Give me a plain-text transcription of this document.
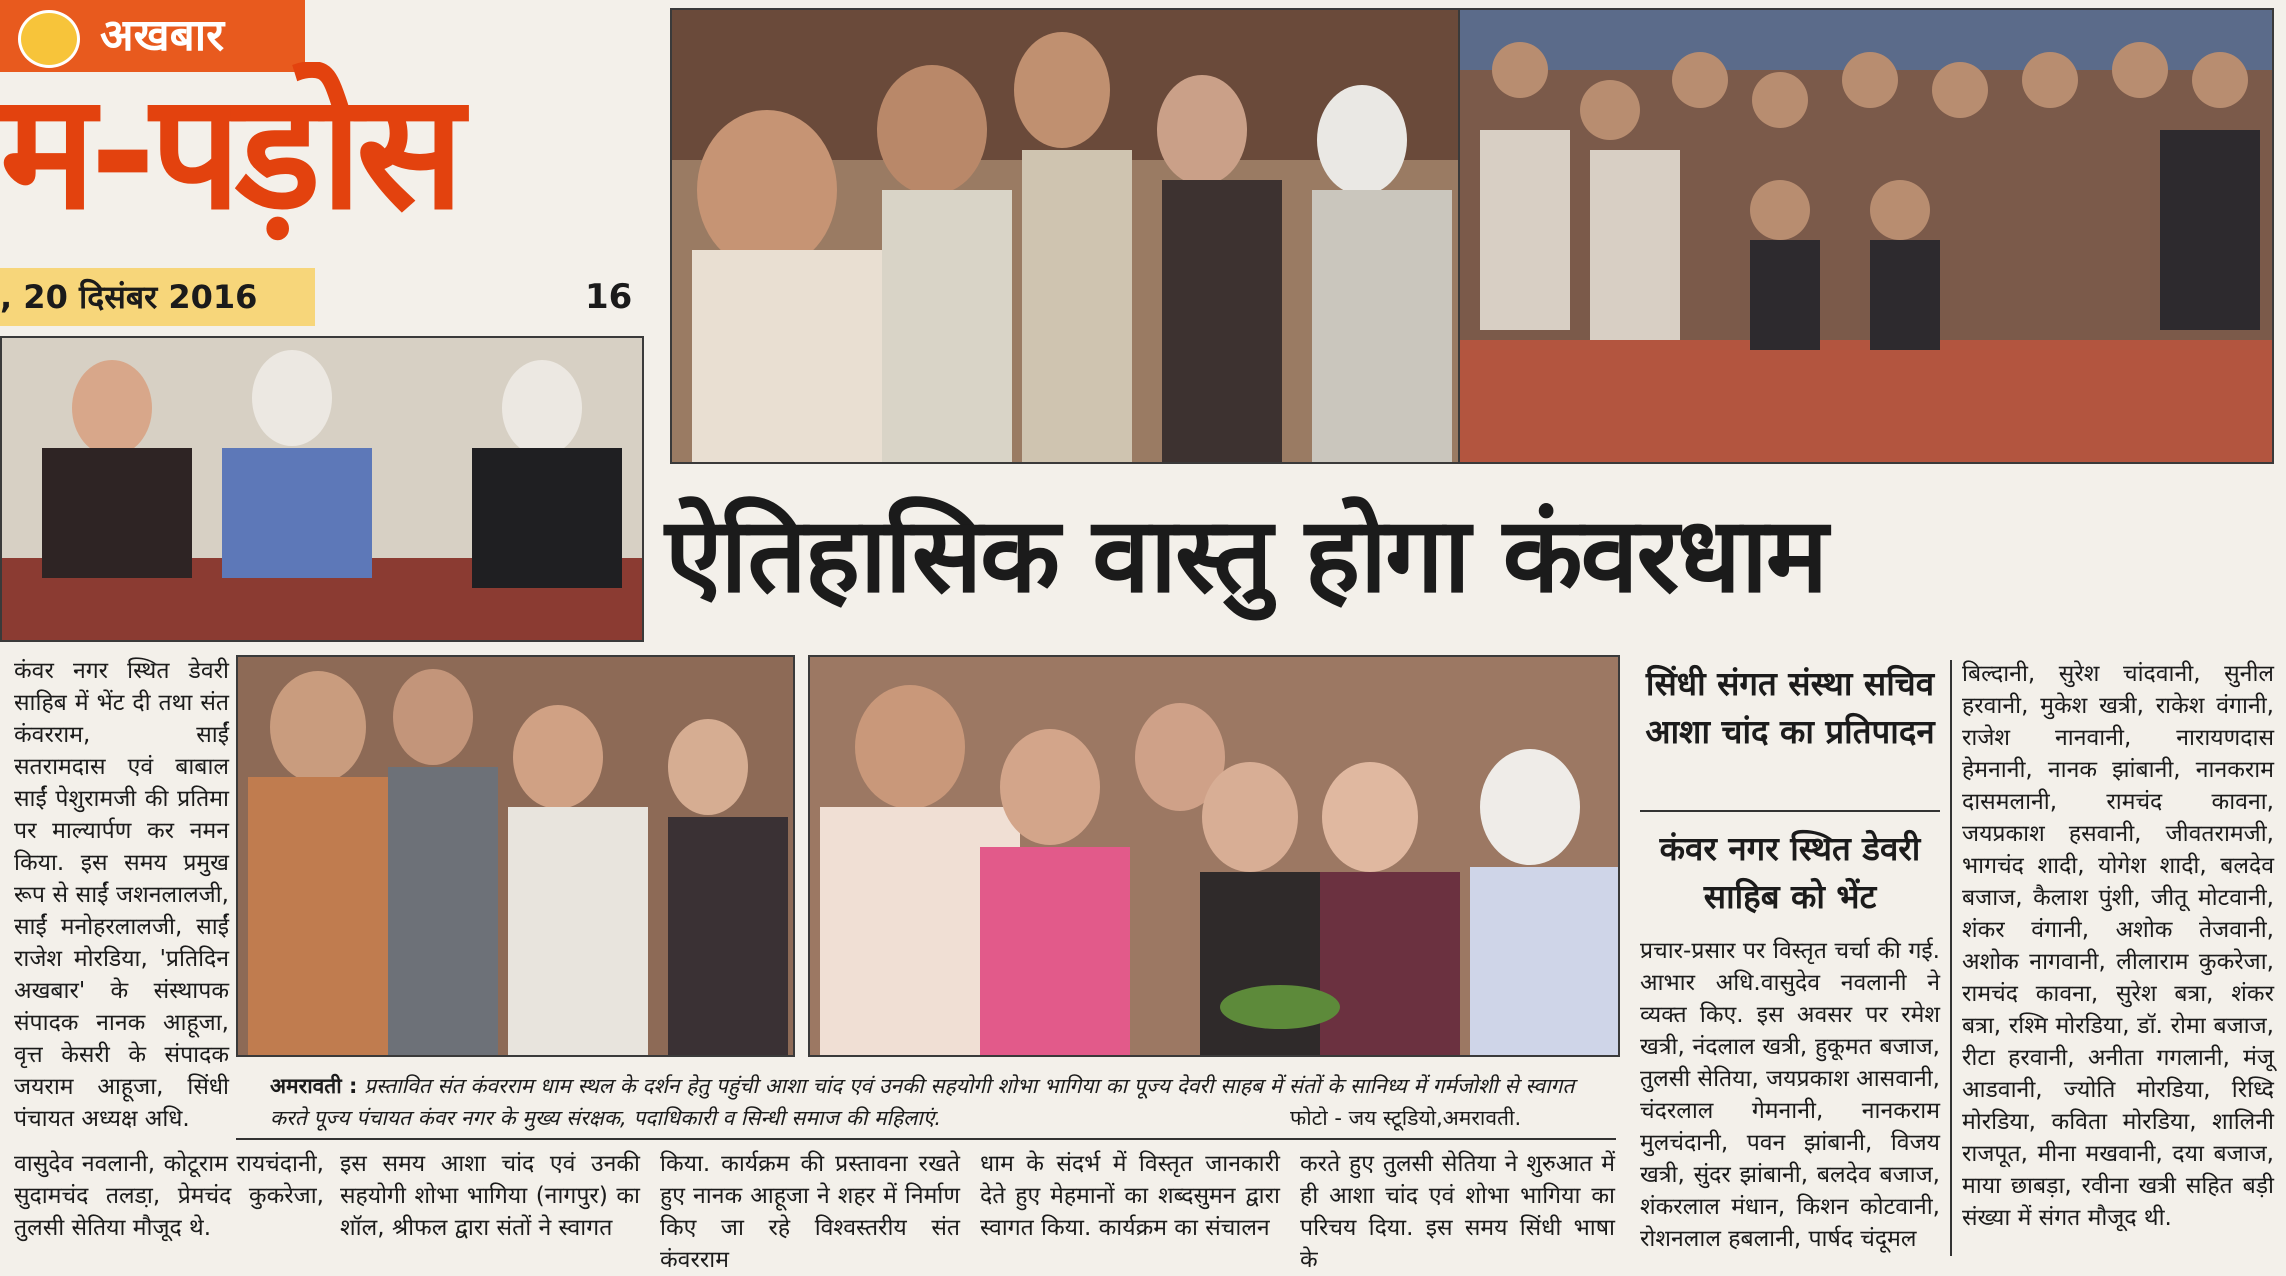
अखबार
म-पड़ोस
, 20 दिसंबर 2016	16
ऐतिहासिक वास्तु होगा कंवरधाम
कंवर नगर स्थित डेवरी साहिब में भेंट दी तथा संत कंवरराम, साईं सतरामदास एवं बाबाल साईं पेशुरामजी की प्रतिमा पर माल्यार्पण कर नमन किया. इस समय प्रमुख रूप से साईं जशनलालजी, साईं मनोहरलालजी, साईं राजेश मोरडिया, 'प्रतिदिन अखबार' के संस्थापक संपादक नानक आहूजा, वृत्त केसरी के संपादक जयराम आहूजा, सिंधी पंचायत अध्यक्ष अधि.
अमरावती : प्रस्तावित संत कंवरराम धाम स्थल के दर्शन हेतु पहुंची आशा चांद एवं उनकी सहयोगी शोभा भागिया का पूज्य देवरी साहब में संतों के सानिध्य में गर्मजोशी से स्वागत करते पूज्य पंचायत कंवर नगर के मुख्य संरक्षक, पदाधिकारी व सिन्धी समाज की महिलाएं.	फोटो - जय स्टूडियो,अमरावती.
वासुदेव नवलानी, कोटूराम रायचंदानी, सुदामचंद तलडा़, प्रेमचंद कुकरेजा, तुलसी सेतिया मौजूद थे.
इस समय आशा चांद एवं उनकी सहयोगी शोभा भागिया (नागपुर) का शॉल, श्रीफल द्वारा संतों ने स्वागत
किया. कार्यक्रम की प्रस्तावना रखते हुए नानक आहूजा ने शहर में निर्माण किए जा रहे विश्वस्तरीय संत कंवरराम
धाम के संदर्भ में विस्तृत जानकारी देते हुए मेहमानों का शब्दसुमन द्वारा स्वागत किया. कार्यक्रम का संचालन
करते हुए तुलसी सेतिया ने शुरुआत में ही आशा चांद एवं शोभा भागिया का परिचय दिया. इस समय सिंधी भाषा के
सिंधी संगत संस्था सचिव आशा चांद का प्रतिपादन
कंवर नगर स्थित डेवरी साहिब को भेंट
प्रचार-प्रसार पर विस्तृत चर्चा की गई. आभार अधि.वासुदेव नवलानी ने व्यक्त किए. इस अवसर पर रमेश खत्री, नंदलाल खत्री, हुकूमत बजाज, तुलसी सेतिया, जयप्रकाश आसवानी, चंदरलाल गेमनानी, नानकराम मुलचंदानी, पवन झांबानी, विजय खत्री, सुंदर झांबानी, बलदेव बजाज, शंकरलाल मंधान, किशन कोटवानी, रोशनलाल हबलानी, पार्षद चंदूमल
बिल्दानी, सुरेश चांदवानी, सुनील हरवानी, मुकेश खत्री, राकेश वंगानी, राजेश नानवानी, नारायणदास हेमनानी, नानक झांबानी, नानकराम दासमलानी, रामचंद कावना, जयप्रकाश हसवानी, जीवतरामजी, भागचंद शादी, योगेश शादी, बलदेव बजाज, कैलाश पुंशी, जीतू मोटवानी, शंकर वंगानी, अशोक तेजवानी, अशोक नागवानी, लीलाराम कुकरेजा, रामचंद कावना, सुरेश बत्रा, शंकर बत्रा, रश्मि मोरडिया, डॉ. रोमा बजाज, रीटा हरवानी, अनीता गगलानी, मंजू आडवानी, ज्योति मोरडिया, रिध्दि मोरडिया, कविता मोरडिया, शालिनी राजपूत, मीना मखवानी, दया बजाज, माया छाबड़ा, रवीना खत्री सहित बड़ी संख्या में संगत मौजूद थी.
